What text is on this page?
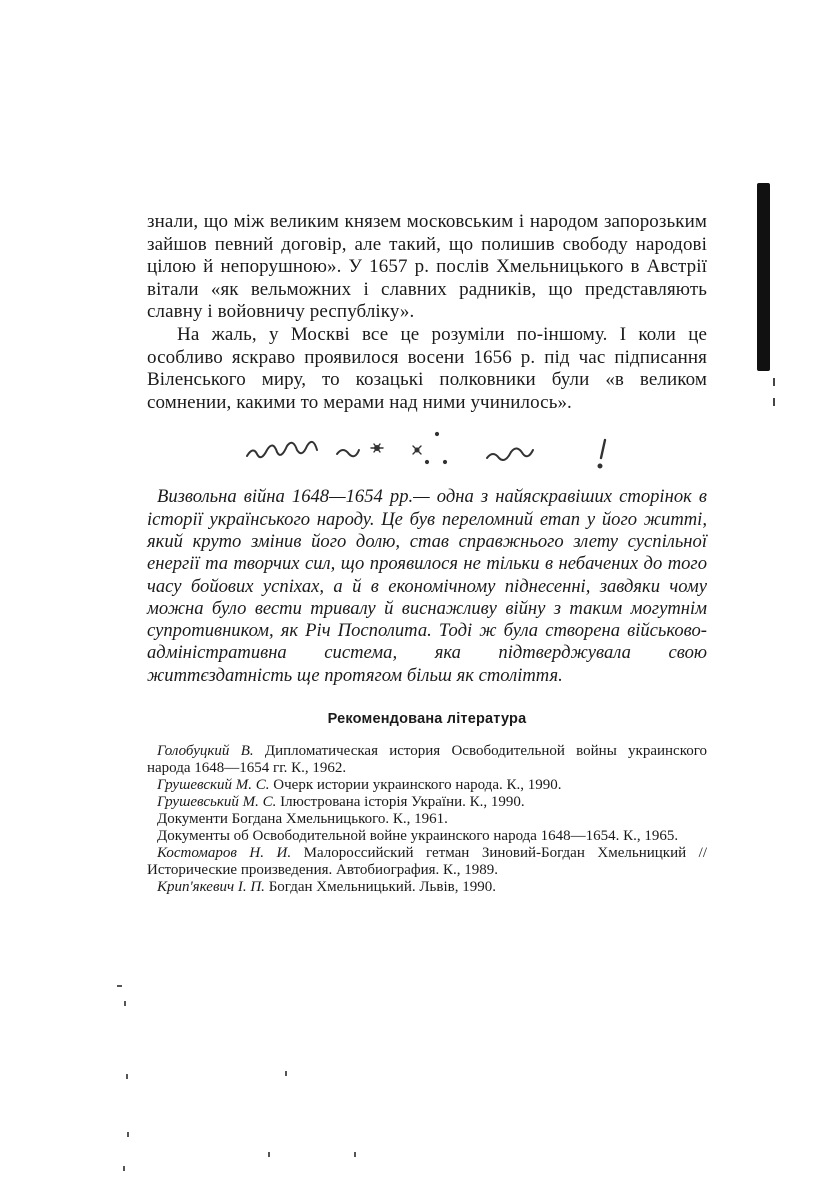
знали, що між великим князем московським і народом запорозьким зайшов певний договір, але такий, що полишив свободу народові цілою й непорушною». У 1657 р. послів Хмельницького в Австрії вітали «як вельможних і славних радників, що представляють славну і войовничу республіку».

На жаль, у Москві все це розуміли по-іншому. І коли це особливо яскраво проявилося восени 1656 р. під час підписання Віленського миру, то козацькі полковники були «в великом сомнении, какими то мерами над ними учинилось».

Визвольна війна 1648—1654 рр.— одна з найяскравіших сторінок в історії українського народу. Це був переломний етап у його житті, який круто змінив його долю, став справжнього злету суспільної енергії та творчих сил, що проявилося не тільки в небачених до того часу бойових успіхах, а й в економічному піднесенні, завдяки чому можна було вести тривалу й виснажливу війну з таким могутнім супротивником, як Річ Посполита. Тоді ж була створена військово-адміністративна система, яка підтверджувала свою життєздатність ще протягом більш як століття.

Рекомендована література
Голобуцкий В. Дипломатическая история Освободительной войны украинского народа 1648—1654 гг. К., 1962.
Грушевский М. С. Очерк истории украинского народа. К., 1990.
Грушевський М. С. Ілюстрована історія України. К., 1990.
Документи Богдана Хмельницького. К., 1961.
Документы об Освободительной войне украинского народа 1648—1654. К., 1965.
Костомаров Н. И. Малороссийский гетман Зиновий-Богдан Хмельницкий // Исторические произведения. Автобиография. К., 1989.
Крип'якевич І. П. Богдан Хмельницький. Львів, 1990.
